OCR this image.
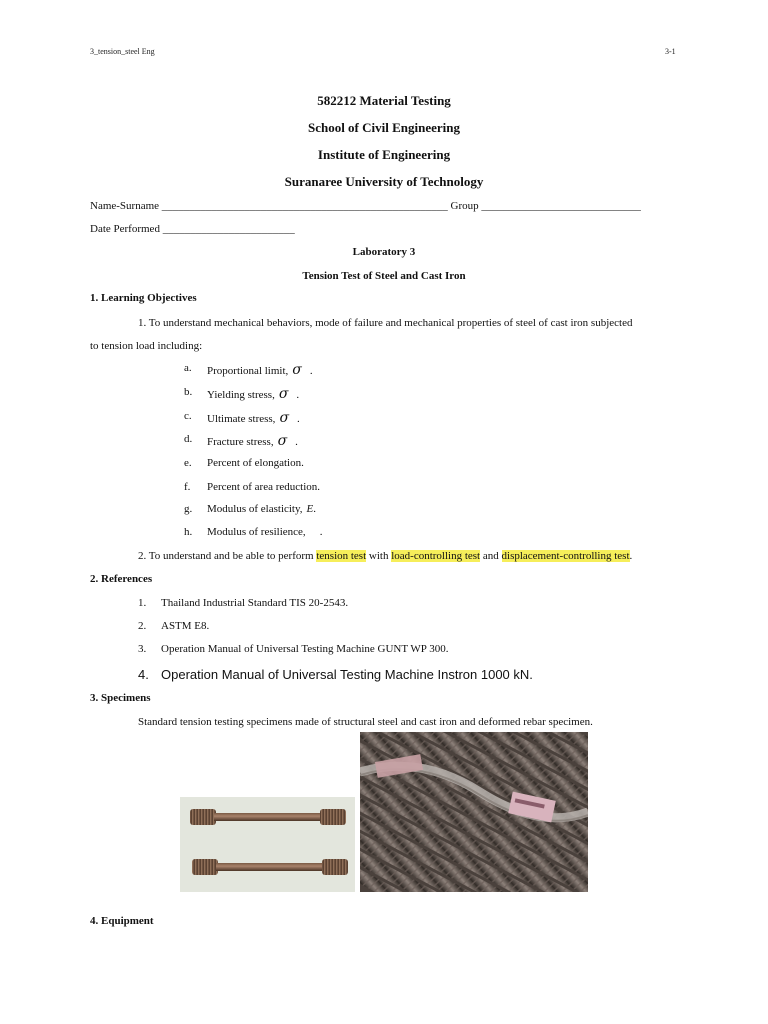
3_tension_steel Eng	3-1
582212 Material Testing
School of Civil Engineering
Institute of Engineering
Suranaree University of Technology
Name-Surname ____________________________________________________ Group _____________________________
Date Performed ________________________
Laboratory 3
Tension Test of Steel and Cast Iron
1. Learning Objectives
1. To understand mechanical behaviors, mode of failure and mechanical properties of steel of cast iron subjected
to tension load including:
a. Proportional limit, σ .
b. Yielding stress, σ .
c. Ultimate stress, σ .
d. Fracture stress, σ .
e. Percent of elongation.
f. Percent of area reduction.
g. Modulus of elasticity, E.
h. Modulus of resilience, .
2. To understand and be able to perform tension test with load-controlling test and displacement-controlling test.
2. References
1. Thailand Industrial Standard TIS 20-2543.
2. ASTM E8.
3. Operation Manual of Universal Testing Machine GUNT WP 300.
4. Operation Manual of Universal Testing Machine Instron 1000 kN.
3. Specimens
Standard tension testing specimens made of structural steel and cast iron and deformed rebar specimen.
4. Equipment
